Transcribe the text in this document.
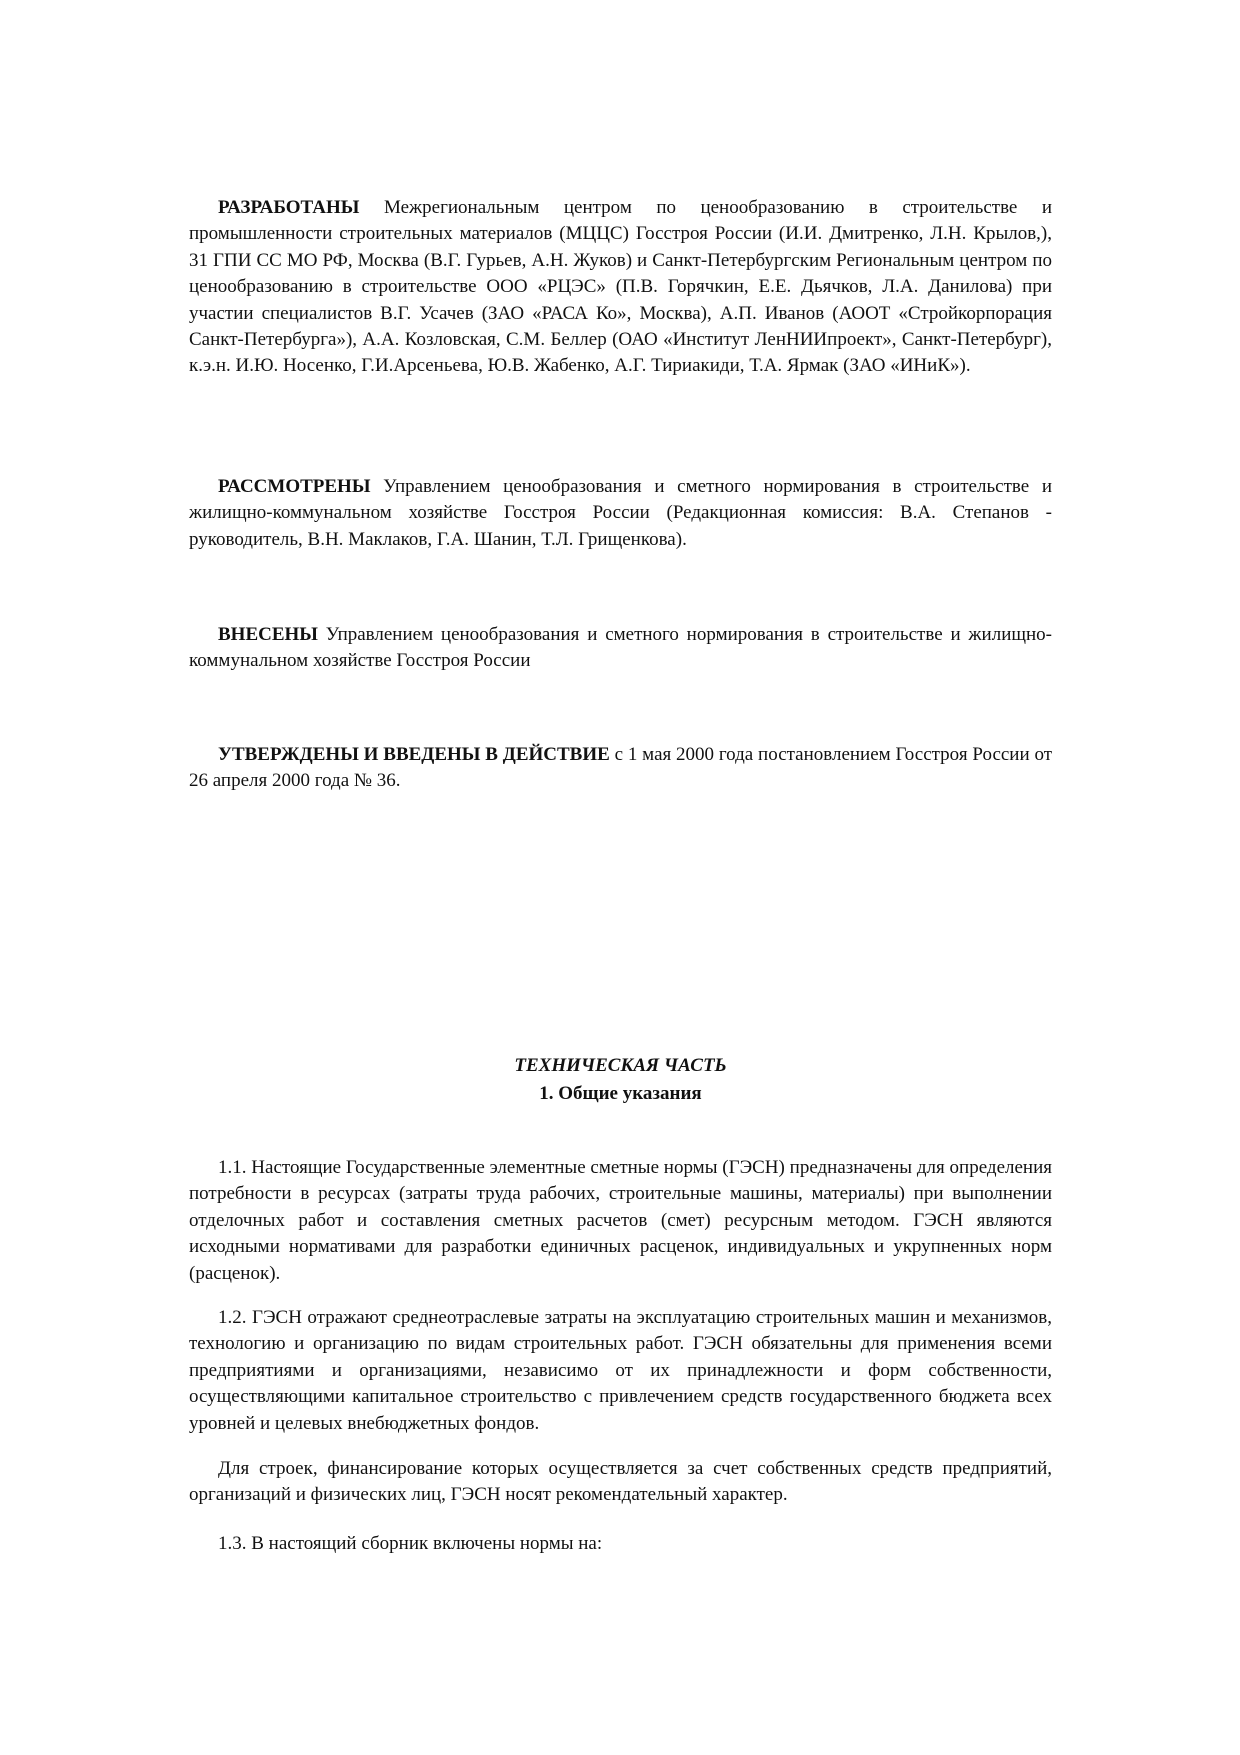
РАЗРАБОТАНЫ Межрегиональным центром по ценообразованию в строительстве и промышленности строительных материалов (МЦЦС) Госстроя России (И.И. Дмитренко, Л.Н. Крылов,), 31 ГПИ СС МО РФ, Москва (В.Г. Гурьев, А.Н. Жуков) и Санкт-Петербургским Региональным центром по ценообразованию в строительстве ООО «РЦЭС» (П.В. Горячкин, Е.Е. Дьячков, Л.А. Данилова) при участии специалистов В.Г. Усачев (ЗАО «РАСА Ко», Москва), А.П. Иванов (АООТ «Стройкорпорация Санкт-Петербурга»), А.А. Козловская, С.М. Беллер (ОАО «Институт ЛенНИИпроект», Санкт-Петербург), к.э.н. И.Ю. Носенко, Г.И.Арсеньева, Ю.В. Жабенко, А.Г. Тириакиди, Т.А. Ярмак (ЗАО «ИНиК»).

РАССМОТРЕНЫ Управлением ценообразования и сметного нормирования в строительстве и жилищно-коммунальном хозяйстве Госстроя России (Редакционная комиссия: В.А. Степанов - руководитель, В.Н. Маклаков, Г.А. Шанин, Т.Л. Грищенкова).

ВНЕСЕНЫ Управлением ценообразования и сметного нормирования в строительстве и жилищно-коммунальном хозяйстве Госстроя России

УТВЕРЖДЕНЫ И ВВЕДЕНЫ В ДЕЙСТВИЕ с 1 мая 2000 года постановлением Госстроя России от 26 апреля 2000 года № 36.

ТЕХНИЧЕСКАЯ ЧАСТЬ
1. Общие указания

1.1. Настоящие Государственные элементные сметные нормы (ГЭСН) предназначены для определения потребности в ресурсах (затраты труда рабочих, строительные машины, материалы) при выполнении отделочных работ и составления сметных расчетов (смет) ресурсным методом. ГЭСН являются исходными нормативами для разработки единичных расценок, индивидуальных и укрупненных норм (расценок).

1.2. ГЭСН отражают среднеотраслевые затраты на эксплуатацию строительных машин и механизмов, технологию и организацию по видам строительных работ. ГЭСН обязательны для применения всеми предприятиями и организациями, независимо от их принадлежности и форм собственности, осуществляющими капитальное строительство с привлечением средств государственного бюджета всех уровней и целевых внебюджетных фондов.

Для строек, финансирование которых осуществляется за счет собственных средств предприятий, организаций и физических лиц, ГЭСН носят рекомендательный характер.

1.3. В настоящий сборник включены нормы на:
